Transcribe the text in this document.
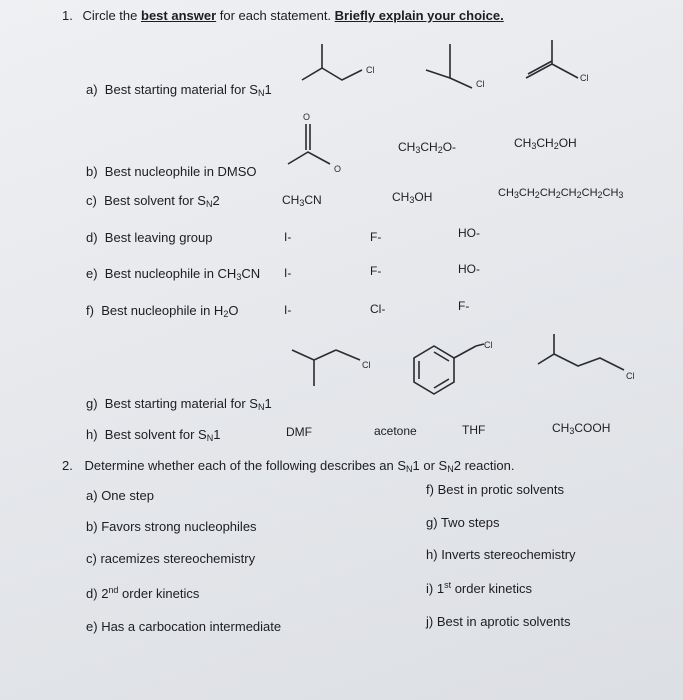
1. Circle the best answer for each statement. Briefly explain your choice.
a) Best starting material for $S_N1$
Cl
Cl
Cl
b) Best nucleophile in DMSO
O
O
$CH_3CH_2O-$	$CH_3CH_2OH$
c) Best solvent for $S_N2$	$CH_3CN$	$CH_3OH$	$CH_3CH_2CH_2CH_2CH_2CH_3$
d) Best leaving group	I-	F-	HO-
e) Best nucleophile in $CH_3CN$ I-	F-	HO-
f) Best nucleophile in $H_2O$	I-	Cl-	F-
Cl
Cl
Cl
g) Best starting material for $S_N1$
h) Best solvent for $S_N1$	DMF	acetone	THF	$CH_3COOH$
2. Determine whether each of the following describes an $S_N1$ or $S_N2$ reaction.
a) One step
b) Favors strong nucleophiles
c) racemizes stereochemistry
d) 2nd order kinetics
e) Has a carbocation intermediate
f) Best in protic solvents
g) Two steps
h) Inverts stereochemistry
i) 1st order kinetics
j) Best in aprotic solvents
